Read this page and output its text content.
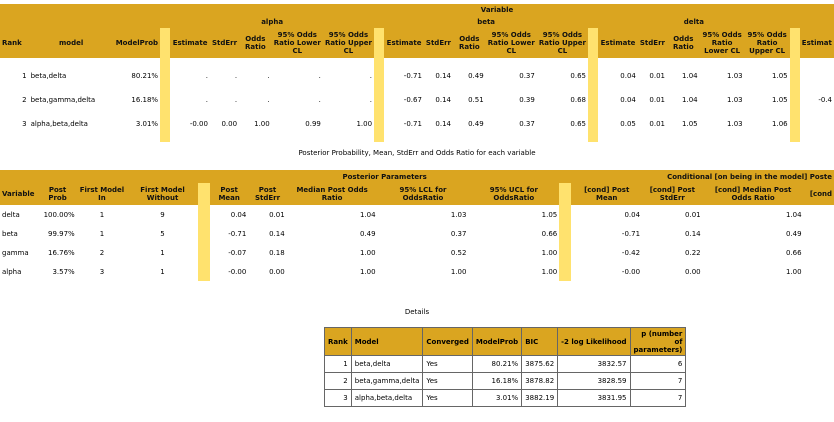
			Variable																			
				alpha						beta						delta						
Rank	model	ModelProb		Estimate	StdErr	Odds Ratio	95% Odds Ratio Lower CL	95% Odds Ratio Upper CL		Estimate	StdErr	Odds Ratio	95% Odds Ratio Lower CL	95% Odds Ratio Upper CL		Estimate	StdErr	Odds Ratio	95% Odds Ratio Lower CL	95% Odds Ratio Upper CL		Estimat

1	beta,delta	80.21%		.	.	.	.	.		-0.71	0.14	0.49	0.37	0.65		0.04	0.01	1.04	1.03	1.05		

2	beta,gamma,delta	16.18%		.	.	.	.	.		-0.67	0.14	0.51	0.39	0.68		0.04	0.01	1.04	1.03	1.05		-0.4

3	alpha,beta,delta	3.01%		-0.00	0.00	1.00	0.99	1.00		-0.71	0.14	0.49	0.37	0.65		0.05	0.01	1.05	1.03	1.06		

Posterior Probability, Mean, StdErr and Odds Ratio for each variable
					Posterior Parameters						Conditional [on being in the model] Poste			
Variable	Post Prob	First Model In	First Model Without		Post Mean	Post StdErr	Median Post Odds Ratio	95% LCL for OddsRatio	95% UCL for OddsRatio		[cond] Post Mean	[cond] Post StdErr	[cond] Median Post Odds Ratio	[cond
delta	100.00%	1	9		0.04	0.01	1.04	1.03	1.05		0.04	0.01	1.04	
beta	99.97%	1	5		-0.71	0.14	0.49	0.37	0.66		-0.71	0.14	0.49	
gamma	16.76%	2	1		-0.07	0.18	1.00	0.52	1.00		-0.42	0.22	0.66	
alpha	3.57%	3	1		-0.00	0.00	1.00	1.00	1.00		-0.00	0.00	1.00	
Details
Rank	Model	Converged	ModelProb	BIC	-2 log Likelihood	p (number of parameters)
1	beta,delta	Yes	80.21%	3875.62	3832.57	6
2	beta,gamma,delta	Yes	16.18%	3878.82	3828.59	7
3	alpha,beta,delta	Yes	3.01%	3882.19	3831.95	7
